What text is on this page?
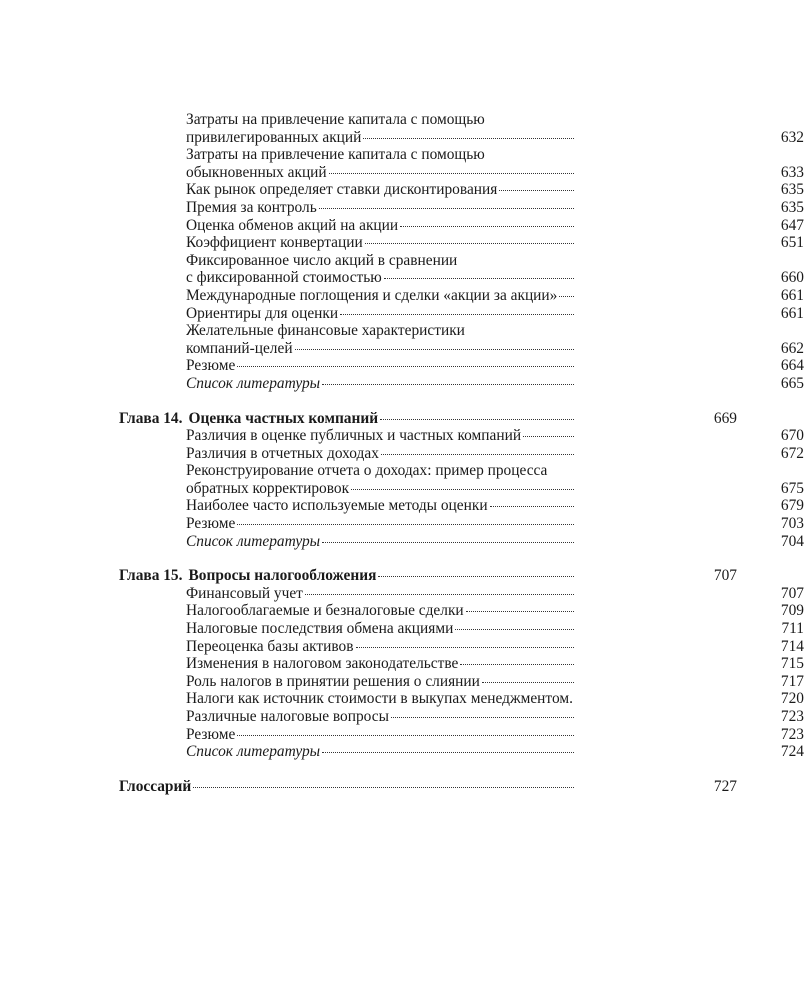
Затраты на привлечение капитала с помощью
привилегированных акций	632
Затраты на привлечение капитала с помощью
обыкновенных акций	633
Как рынок определяет ставки дисконтирования	635
Премия за контроль	635
Оценка обменов акций на акции	647
Коэффициент конвертации	651
Фиксированное число акций в сравнении
с фиксированной стоимостью	660
Международные поглощения и сделки «акции за акции»	661
Ориентиры для оценки	661
Желательные финансовые характеристики
компаний-целей	662
Резюме	664
Список литературы	665
Глава 14. Оценка частных компаний	669
Различия в оценке публичных и частных компаний	670
Различия в отчетных доходах	672
Реконструирование отчета о доходах: пример процесса
обратных корректировок	675
Наиболее часто используемые методы оценки	679
Резюме	703
Список литературы	704
Глава 15. Вопросы налогообложения	707
Финансовый учет	707
Налогооблагаемые и безналоговые сделки	709
Налоговые последствия обмена акциями	711
Переоценка базы активов	714
Изменения в налоговом законодательстве	715
Роль налогов в принятии решения о слиянии	717
Налоги как источник стоимости в выкупах менеджментом.	720
Различные налоговые вопросы	723
Резюме	723
Список литературы	724
Глоссарий	727
